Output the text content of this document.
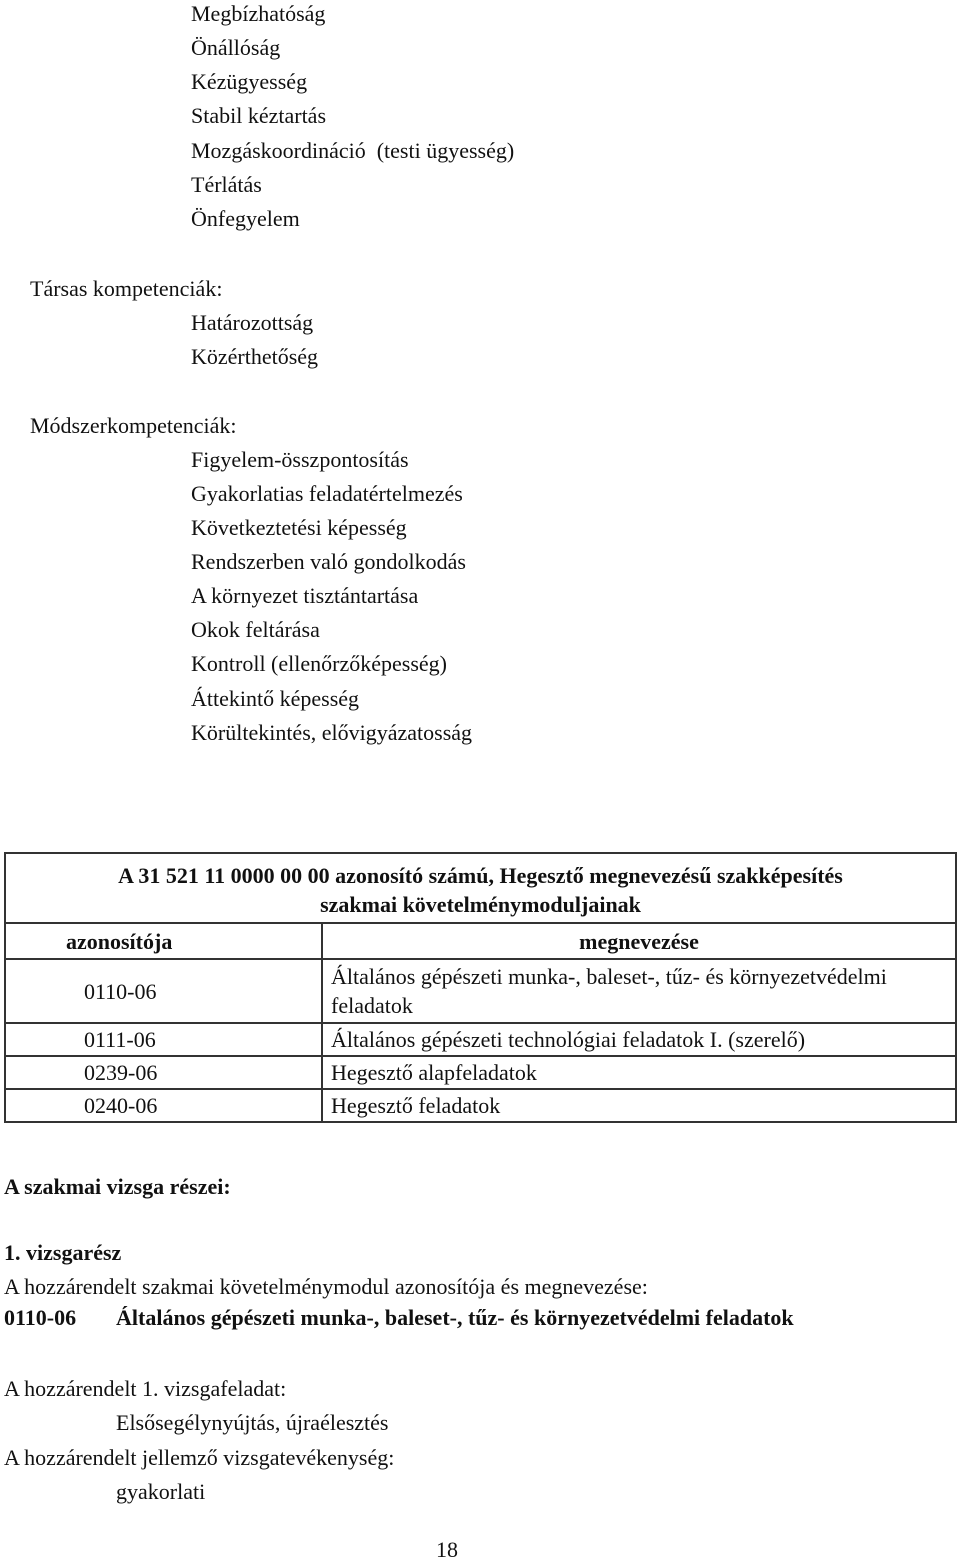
Megbízhatóság
Önállóság
Kézügyesség
Stabil kéztartás
Mozgáskoordináció  (testi ügyesség)
Térlátás
Önfegyelem
Társas kompetenciák:
Határozottság
Közérthetőség
Módszerkompetenciák:
Figyelem-összpontosítás
Gyakorlatias feladatértelmezés
Következtetési képesség
Rendszerben való gondolkodás
A környezet tisztántartása
Okok feltárása
Kontroll (ellenőrzőképesség)
Áttekintő képesség
Körültekintés, elővigyázatosság
A 31 521 11 0000 00 00 azonosító számú, Hegesztő megnevezésű szakképesítés
szakmai követelménymoduljainak	
azonosítója	megnevezése
0110-06	Általános gépészeti munka-, baleset-, tűz- és környezetvédelmi
feladatok
0111-06	Általános gépészeti technológiai feladatok I. (szerelő)
0239-06	Hegesztő alapfeladatok
0240-06	Hegesztő feladatok
A szakmai vizsga részei:
1. vizsgarész
A hozzárendelt szakmai követelménymodul azonosítója és megnevezése:
0110-06 Általános gépészeti munka-, baleset-, tűz- és környezetvédelmi feladatok
A hozzárendelt 1. vizsgafeladat:
Elsősegélynyújtás, újraélesztés
A hozzárendelt jellemző vizsgatevékenység:
gyakorlati
18
